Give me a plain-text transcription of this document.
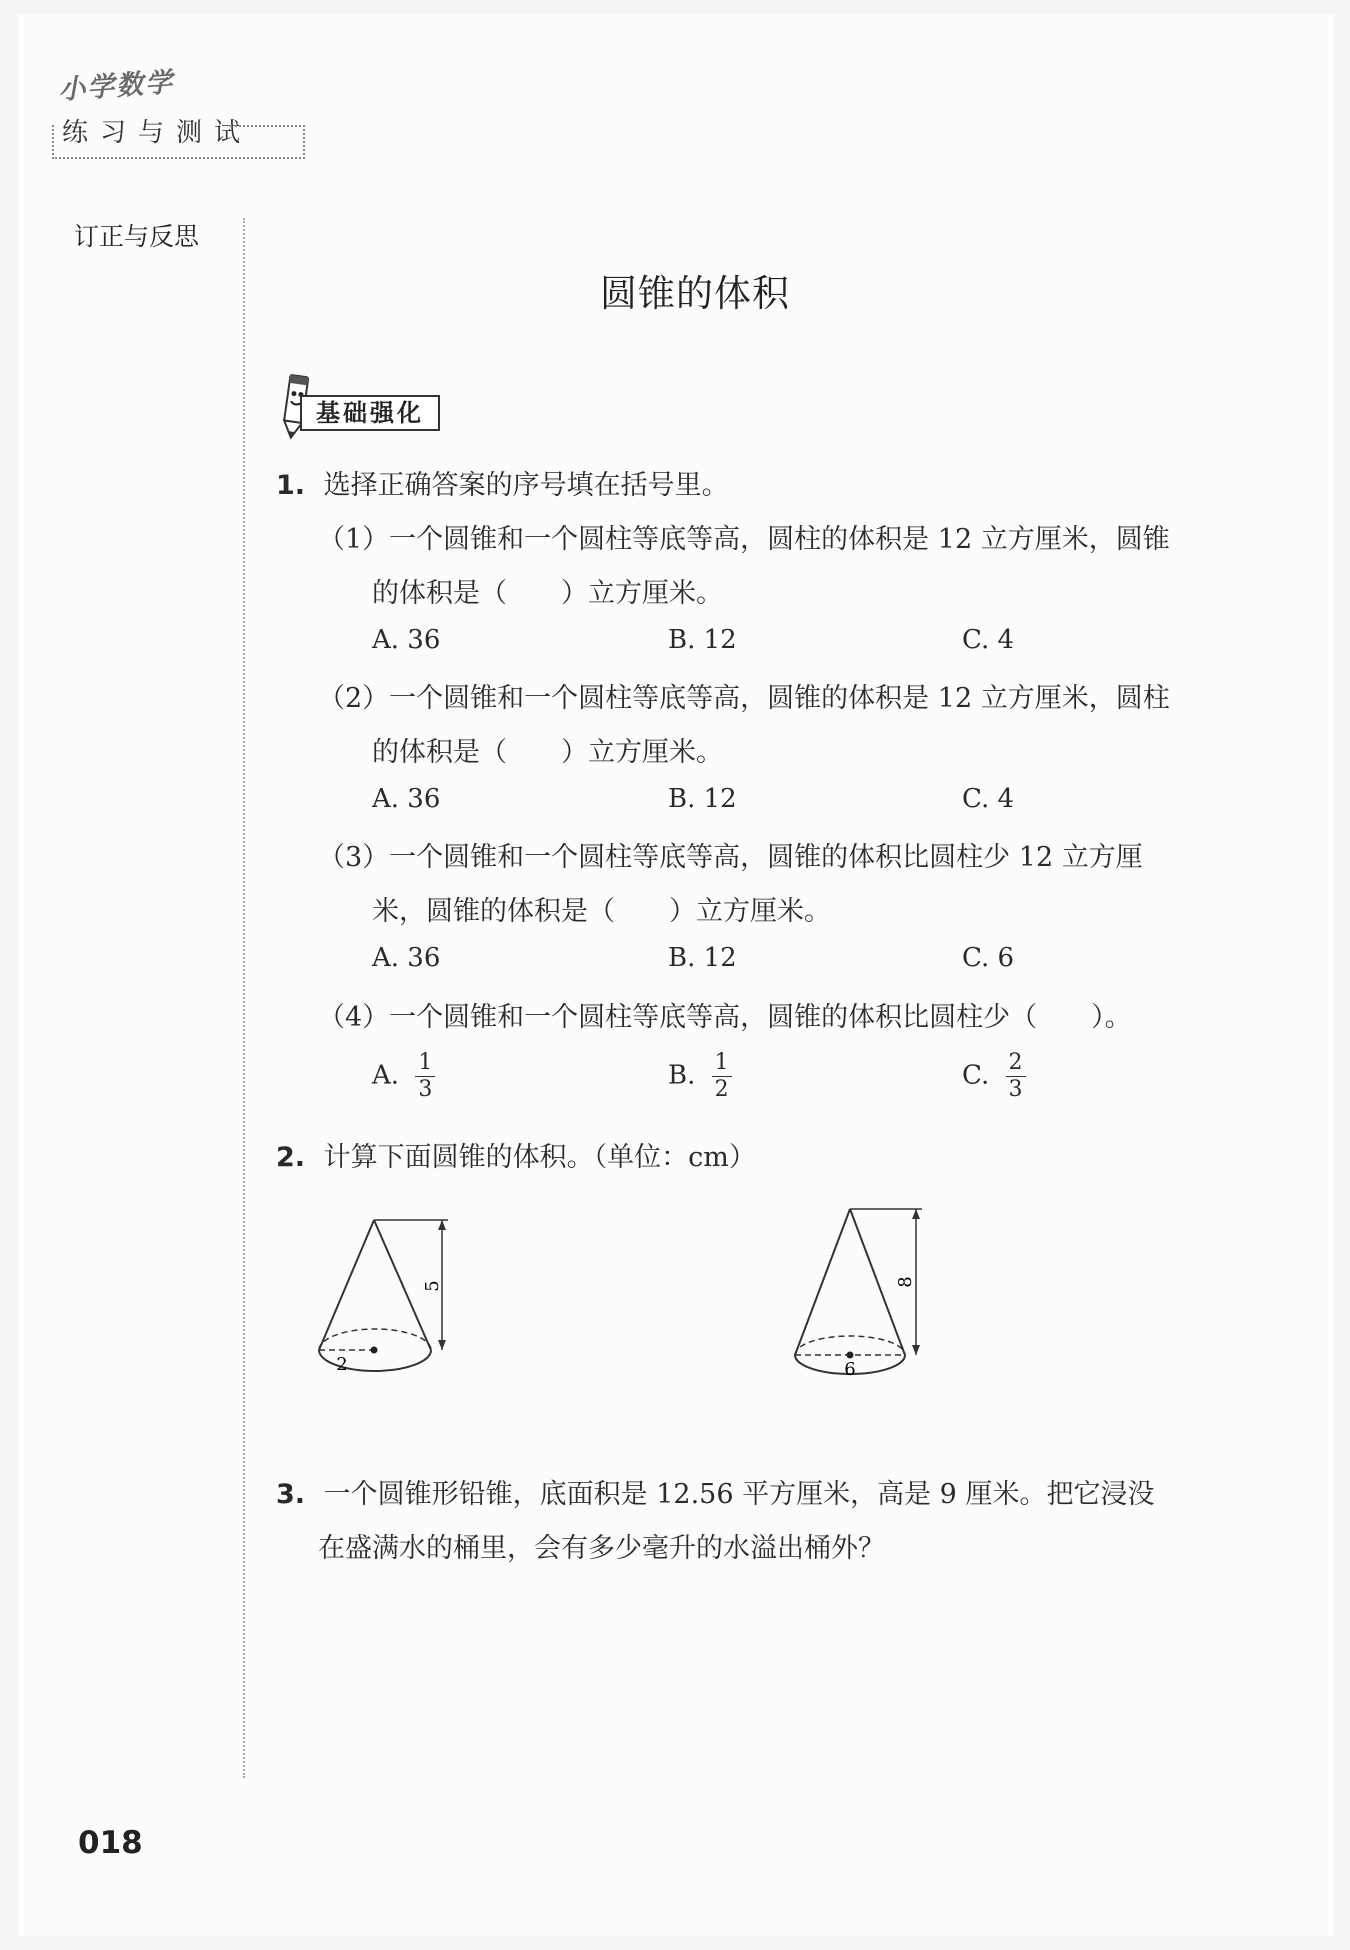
小学数学
练习与测试
订正与反思
圆锥的体积
基础强化
1. 选择正确答案的序号填在括号里。
（1）一个圆锥和一个圆柱等底等高，圆柱的体积是 12 立方厘米，圆锥
的体积是（　　）立方厘米。
A. 36	B. 12	C. 4
（2）一个圆锥和一个圆柱等底等高，圆锥的体积是 12 立方厘米，圆柱
的体积是（　　）立方厘米。
A. 36	B. 12	C. 4
（3）一个圆锥和一个圆柱等底等高，圆锥的体积比圆柱少 12 立方厘
米，圆锥的体积是（　　）立方厘米。
A. 36	B. 12	C. 6
（4）一个圆锥和一个圆柱等底等高，圆锥的体积比圆柱少（　　）。
A. $\frac{1}{3}$	B. $\frac{1}{2}$	C. $\frac{2}{3}$
2. 计算下面圆锥的体积。（单位：cm）
5
2
8
6
3. 一个圆锥形铅锥，底面积是 12.56 平方厘米，高是 9 厘米。把它浸没
在盛满水的桶里，会有多少毫升的水溢出桶外？
018
